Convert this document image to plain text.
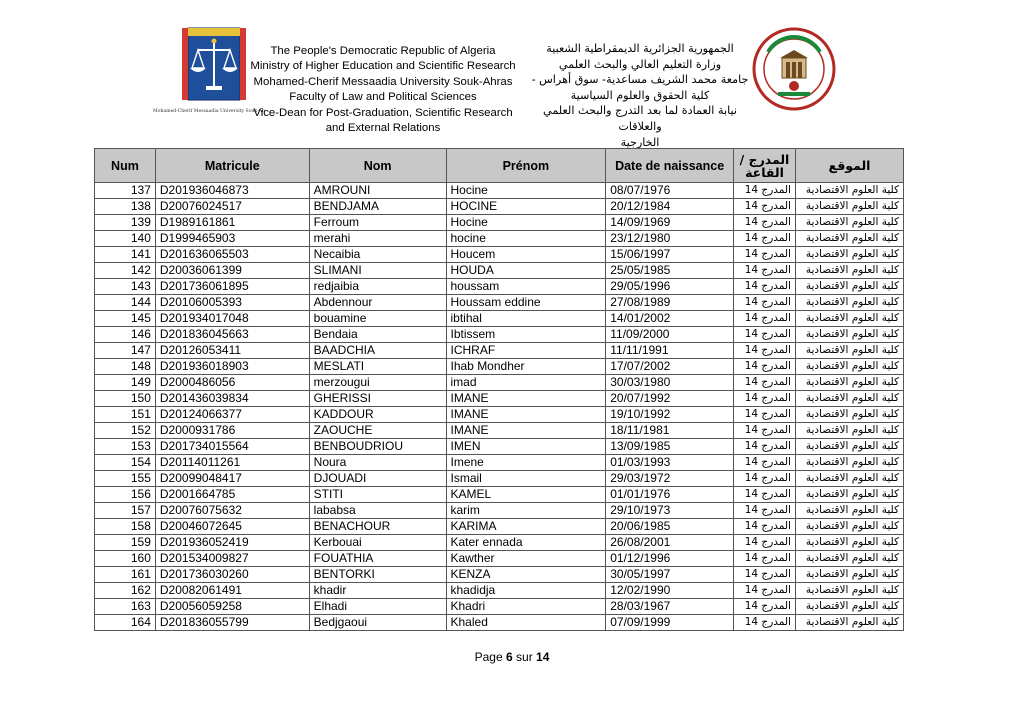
Mohamed-Cherif Messaadia University Souk-Ah
The People's Democratic Republic of Algeria
Ministry of Higher Education and Scientific Research
Mohamed-Cherif Messaadia University Souk-Ahras
Faculty of Law and Political Sciences
Vice-Dean for Post-Graduation, Scientific Research
and External Relations
الجمهورية الجزائرية الديمقراطية الشعبية
وزارة التعليم العالي والبحث العلمي
جامعة محمد الشريف مساعدية- سوق أهراس -
كلية الحقوق والعلوم السياسية
نيابة العمادة لما بعد التدرج والبحث العلمي والعلاقات
الخارجية
Num	Matricule	Nom	Prénom	Date de naissance	المدرج / القاعة	الموقع
137	D201936046873	AMROUNI	Hocine	08/07/1976	المدرج 14	كلية العلوم الاقتصادية
138	D20076024517	BENDJAMA	HOCINE	20/12/1984	المدرج 14	كلية العلوم الاقتصادية
139	D1989161861	Ferroum	Hocine	14/09/1969	المدرج 14	كلية العلوم الاقتصادية
140	D1999465903	merahi	hocine	23/12/1980	المدرج 14	كلية العلوم الاقتصادية
141	D201636065503	Necaibia	Houcem	15/06/1997	المدرج 14	كلية العلوم الاقتصادية
142	D20036061399	SLIMANI	HOUDA	25/05/1985	المدرج 14	كلية العلوم الاقتصادية
143	D201736061895	redjaibia	houssam	29/05/1996	المدرج 14	كلية العلوم الاقتصادية
144	D20106005393	Abdennour	Houssam eddine	27/08/1989	المدرج 14	كلية العلوم الاقتصادية
145	D201934017048	bouamine	ibtihal	14/01/2002	المدرج 14	كلية العلوم الاقتصادية
146	D201836045663	Bendaia	Ibtissem	11/09/2000	المدرج 14	كلية العلوم الاقتصادية
147	D20126053411	BAADCHIA	ICHRAF	11/11/1991	المدرج 14	كلية العلوم الاقتصادية
148	D201936018903	MESLATI	Ihab Mondher	17/07/2002	المدرج 14	كلية العلوم الاقتصادية
149	D2000486056	merzougui	imad	30/03/1980	المدرج 14	كلية العلوم الاقتصادية
150	D201436039834	GHERISSI	IMANE	20/07/1992	المدرج 14	كلية العلوم الاقتصادية
151	D20124066377	KADDOUR	IMANE	19/10/1992	المدرج 14	كلية العلوم الاقتصادية
152	D2000931786	ZAOUCHE	IMANE	18/11/1981	المدرج 14	كلية العلوم الاقتصادية
153	D201734015564	BENBOUDRIOU	IMEN	13/09/1985	المدرج 14	كلية العلوم الاقتصادية
154	D20114011261	Noura	Imene	01/03/1993	المدرج 14	كلية العلوم الاقتصادية
155	D20099048417	DJOUADI	Ismail	29/03/1972	المدرج 14	كلية العلوم الاقتصادية
156	D2001664785	STITI	KAMEL	01/01/1976	المدرج 14	كلية العلوم الاقتصادية
157	D20076075632	lababsa	karim	29/10/1973	المدرج 14	كلية العلوم الاقتصادية
158	D20046072645	BENACHOUR	KARIMA	20/06/1985	المدرج 14	كلية العلوم الاقتصادية
159	D201936052419	Kerbouai	Kater ennada	26/08/2001	المدرج 14	كلية العلوم الاقتصادية
160	D201534009827	FOUATHIA	Kawther	01/12/1996	المدرج 14	كلية العلوم الاقتصادية
161	D201736030260	BENTORKI	KENZA	30/05/1997	المدرج 14	كلية العلوم الاقتصادية
162	D20082061491	khadir	khadidja	12/02/1990	المدرج 14	كلية العلوم الاقتصادية
163	D20056059258	Elhadi	Khadri	28/03/1967	المدرج 14	كلية العلوم الاقتصادية
164	D201836055799	Bedjgaoui	Khaled	07/09/1999	المدرج 14	كلية العلوم الاقتصادية
Page 6 sur 14
